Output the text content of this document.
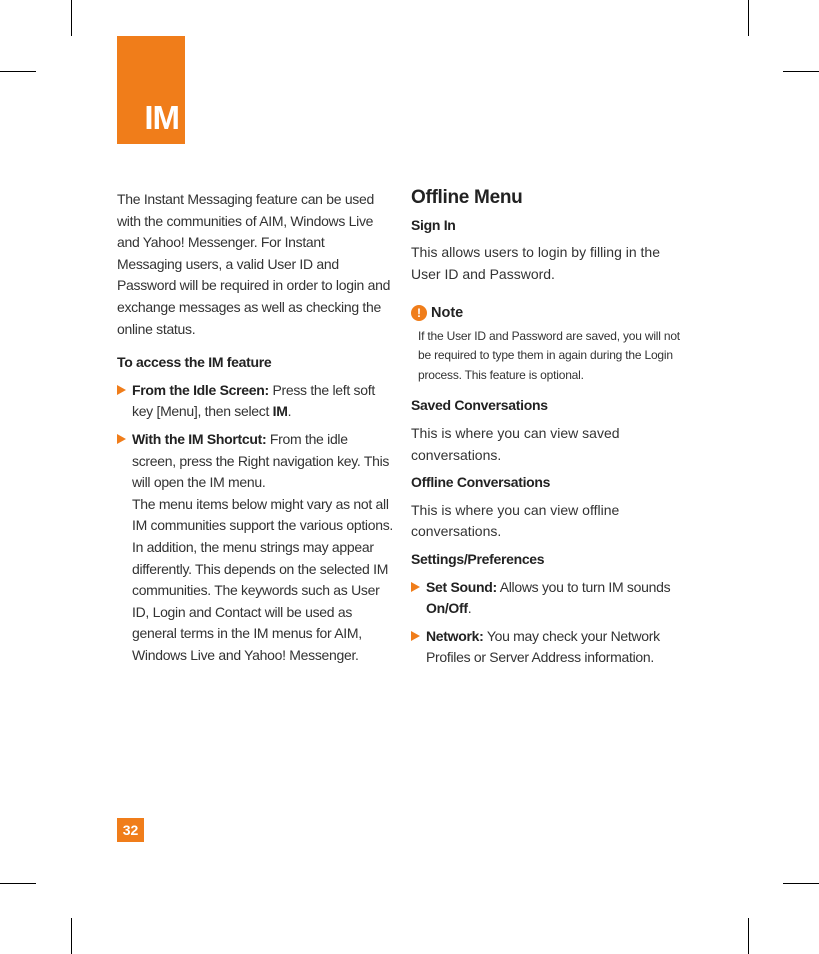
IM

The Instant Messaging feature can be used with the communities of AIM, Windows Live and Yahoo! Messenger. For Instant Messaging users, a valid User ID and Password will be required in order to login and exchange messages as well as checking the online status.

To access the IM feature

From the Idle Screen: Press the left soft key [Menu], then select IM.

With the IM Shortcut: From the idle screen, press the Right navigation key. This will open the IM menu.

The menu items below might vary as not all IM communities support the various options. In addition, the menu strings may appear differently. This depends on the selected IM communities. The keywords such as User ID, Login and Contact will be used as general terms in the IM menus for AIM, Windows Live and Yahoo! Messenger.

Offline Menu

Sign In

This allows users to login by filling in the User ID and Password.

! Note

If the User ID and Password are saved, you will not be required to type them in again during the Login process. This feature is optional.

Saved Conversations

This is where you can view saved conversations.

Offline Conversations

This is where you can view offline conversations.

Settings/Preferences

Set Sound: Allows you to turn IM sounds On/Off.

Network: You may check your Network Profiles or Server Address information.

32
